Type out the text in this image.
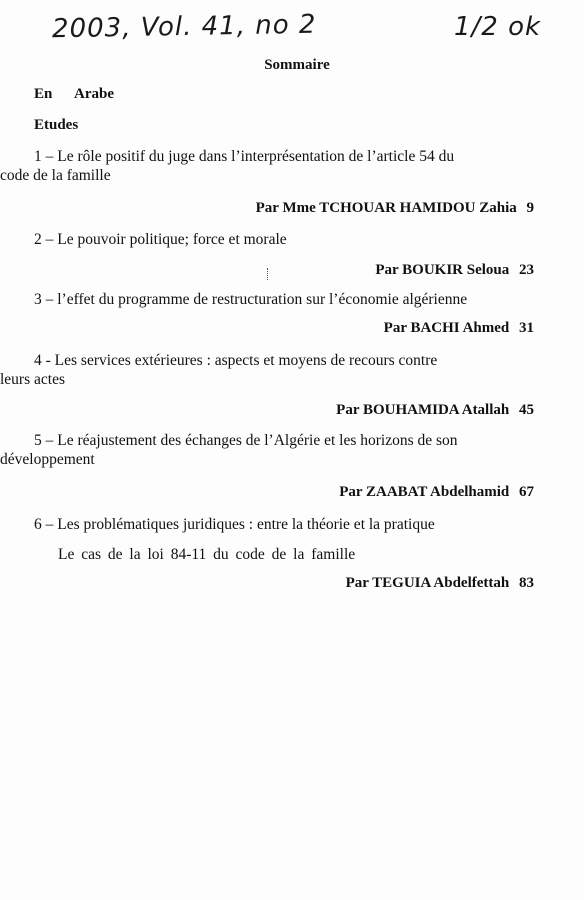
2003, Vol. 41, no 2	1/2 ok
Sommaire
En Arabe
Etudes

1 – Le rôle positif du juge dans l’interprésentation de l’article 54 du
code de la famille

Par Mme TCHOUAR HAMIDOU Zahia 9

2 – Le pouvoir politique; force et morale

Par BOUKIR Seloua 23

3 – l’effet du programme de restructuration sur l’économie algérienne

Par BACHI Ahmed 31

4 - Les services extérieures : aspects et moyens de recours contre
leurs actes

Par BOUHAMIDA Atallah 45

5 – Le réajustement des échanges de l’Algérie et les horizons de son
développement

Par ZAABAT Abdelhamid 67

6 – Les problématiques juridiques : entre la théorie et la pratique

Le cas de la loi 84-11 du code de la famille

Par TEGUIA Abdelfettah 83
